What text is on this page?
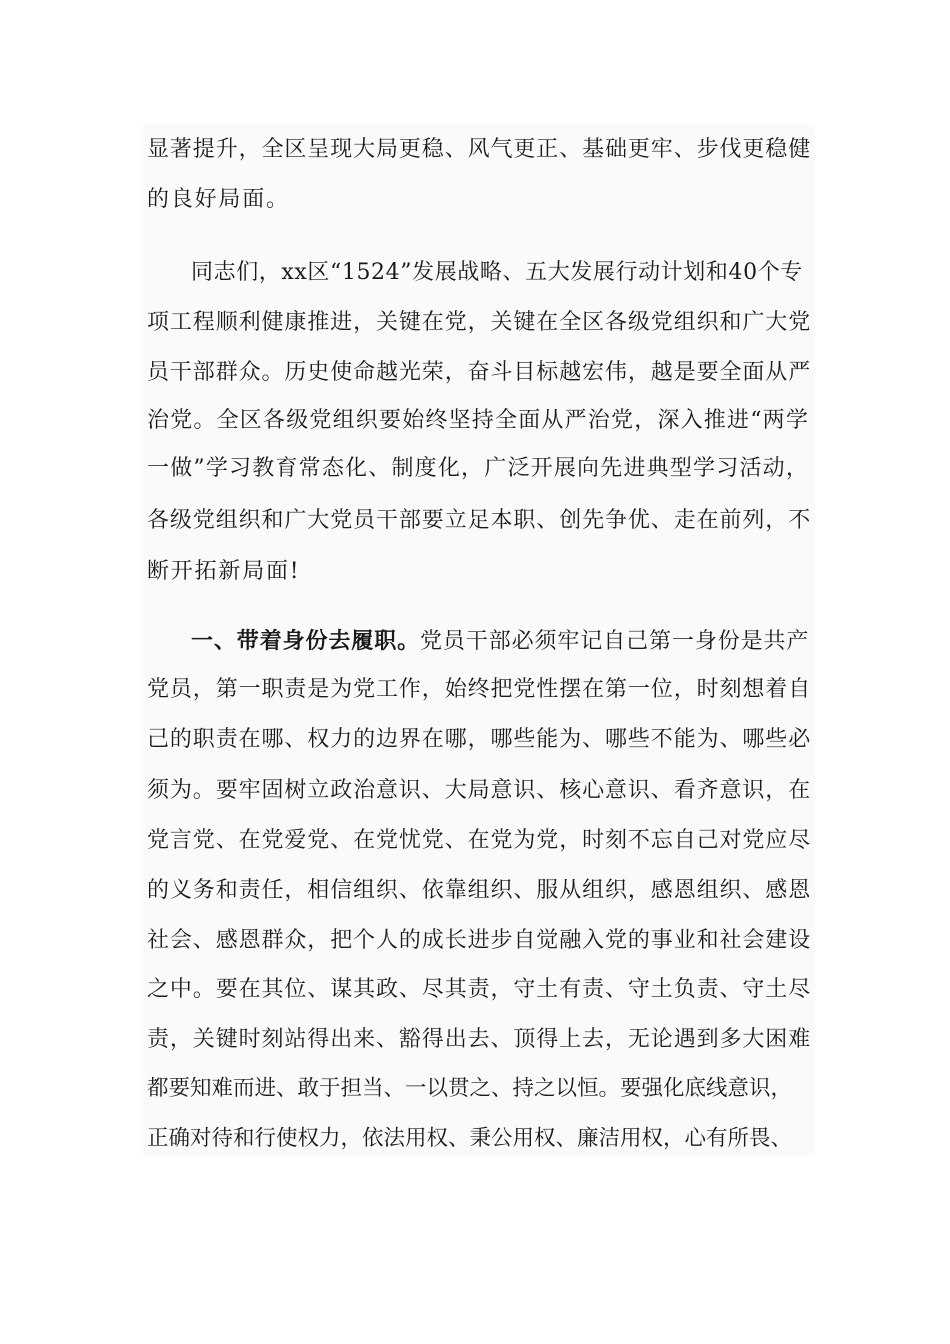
显著提升，全区呈现大局更稳、风气更正、基础更牢、步伐更稳健
的良好局面。
同志们，xx区“1524”发展战略、五大发展行动计划和40个专
项工程顺利健康推进，关键在党，关键在全区各级党组织和广大党
员干部群众。历史使命越光荣，奋斗目标越宏伟，越是要全面从严
治党。全区各级党组织要始终坚持全面从严治党，深入推进“两学
一做”学习教育常态化、制度化，广泛开展向先进典型学习活动，
各级党组织和广大党员干部要立足本职、创先争优、走在前列，不
断开拓新局面!
一、带着身份去履职。党员干部必须牢记自己第一身份是共产
党员，第一职责是为党工作，始终把党性摆在第一位，时刻想着自
己的职责在哪、权力的边界在哪，哪些能为、哪些不能为、哪些必
须为。要牢固树立政治意识、大局意识、核心意识、看齐意识，在
党言党、在党爱党、在党忧党、在党为党，时刻不忘自己对党应尽
的义务和责任，相信组织、依靠组织、服从组织，感恩组织、感恩
社会、感恩群众，把个人的成长进步自觉融入党的事业和社会建设
之中。要在其位、谋其政、尽其责，守土有责、守土负责、守土尽
责，关键时刻站得出来、豁得出去、顶得上去，无论遇到多大困难
都要知难而进、敢于担当、一以贯之、持之以恒。要强化底线意识，
正确对待和行使权力，依法用权、秉公用权、廉洁用权，心有所畏、
